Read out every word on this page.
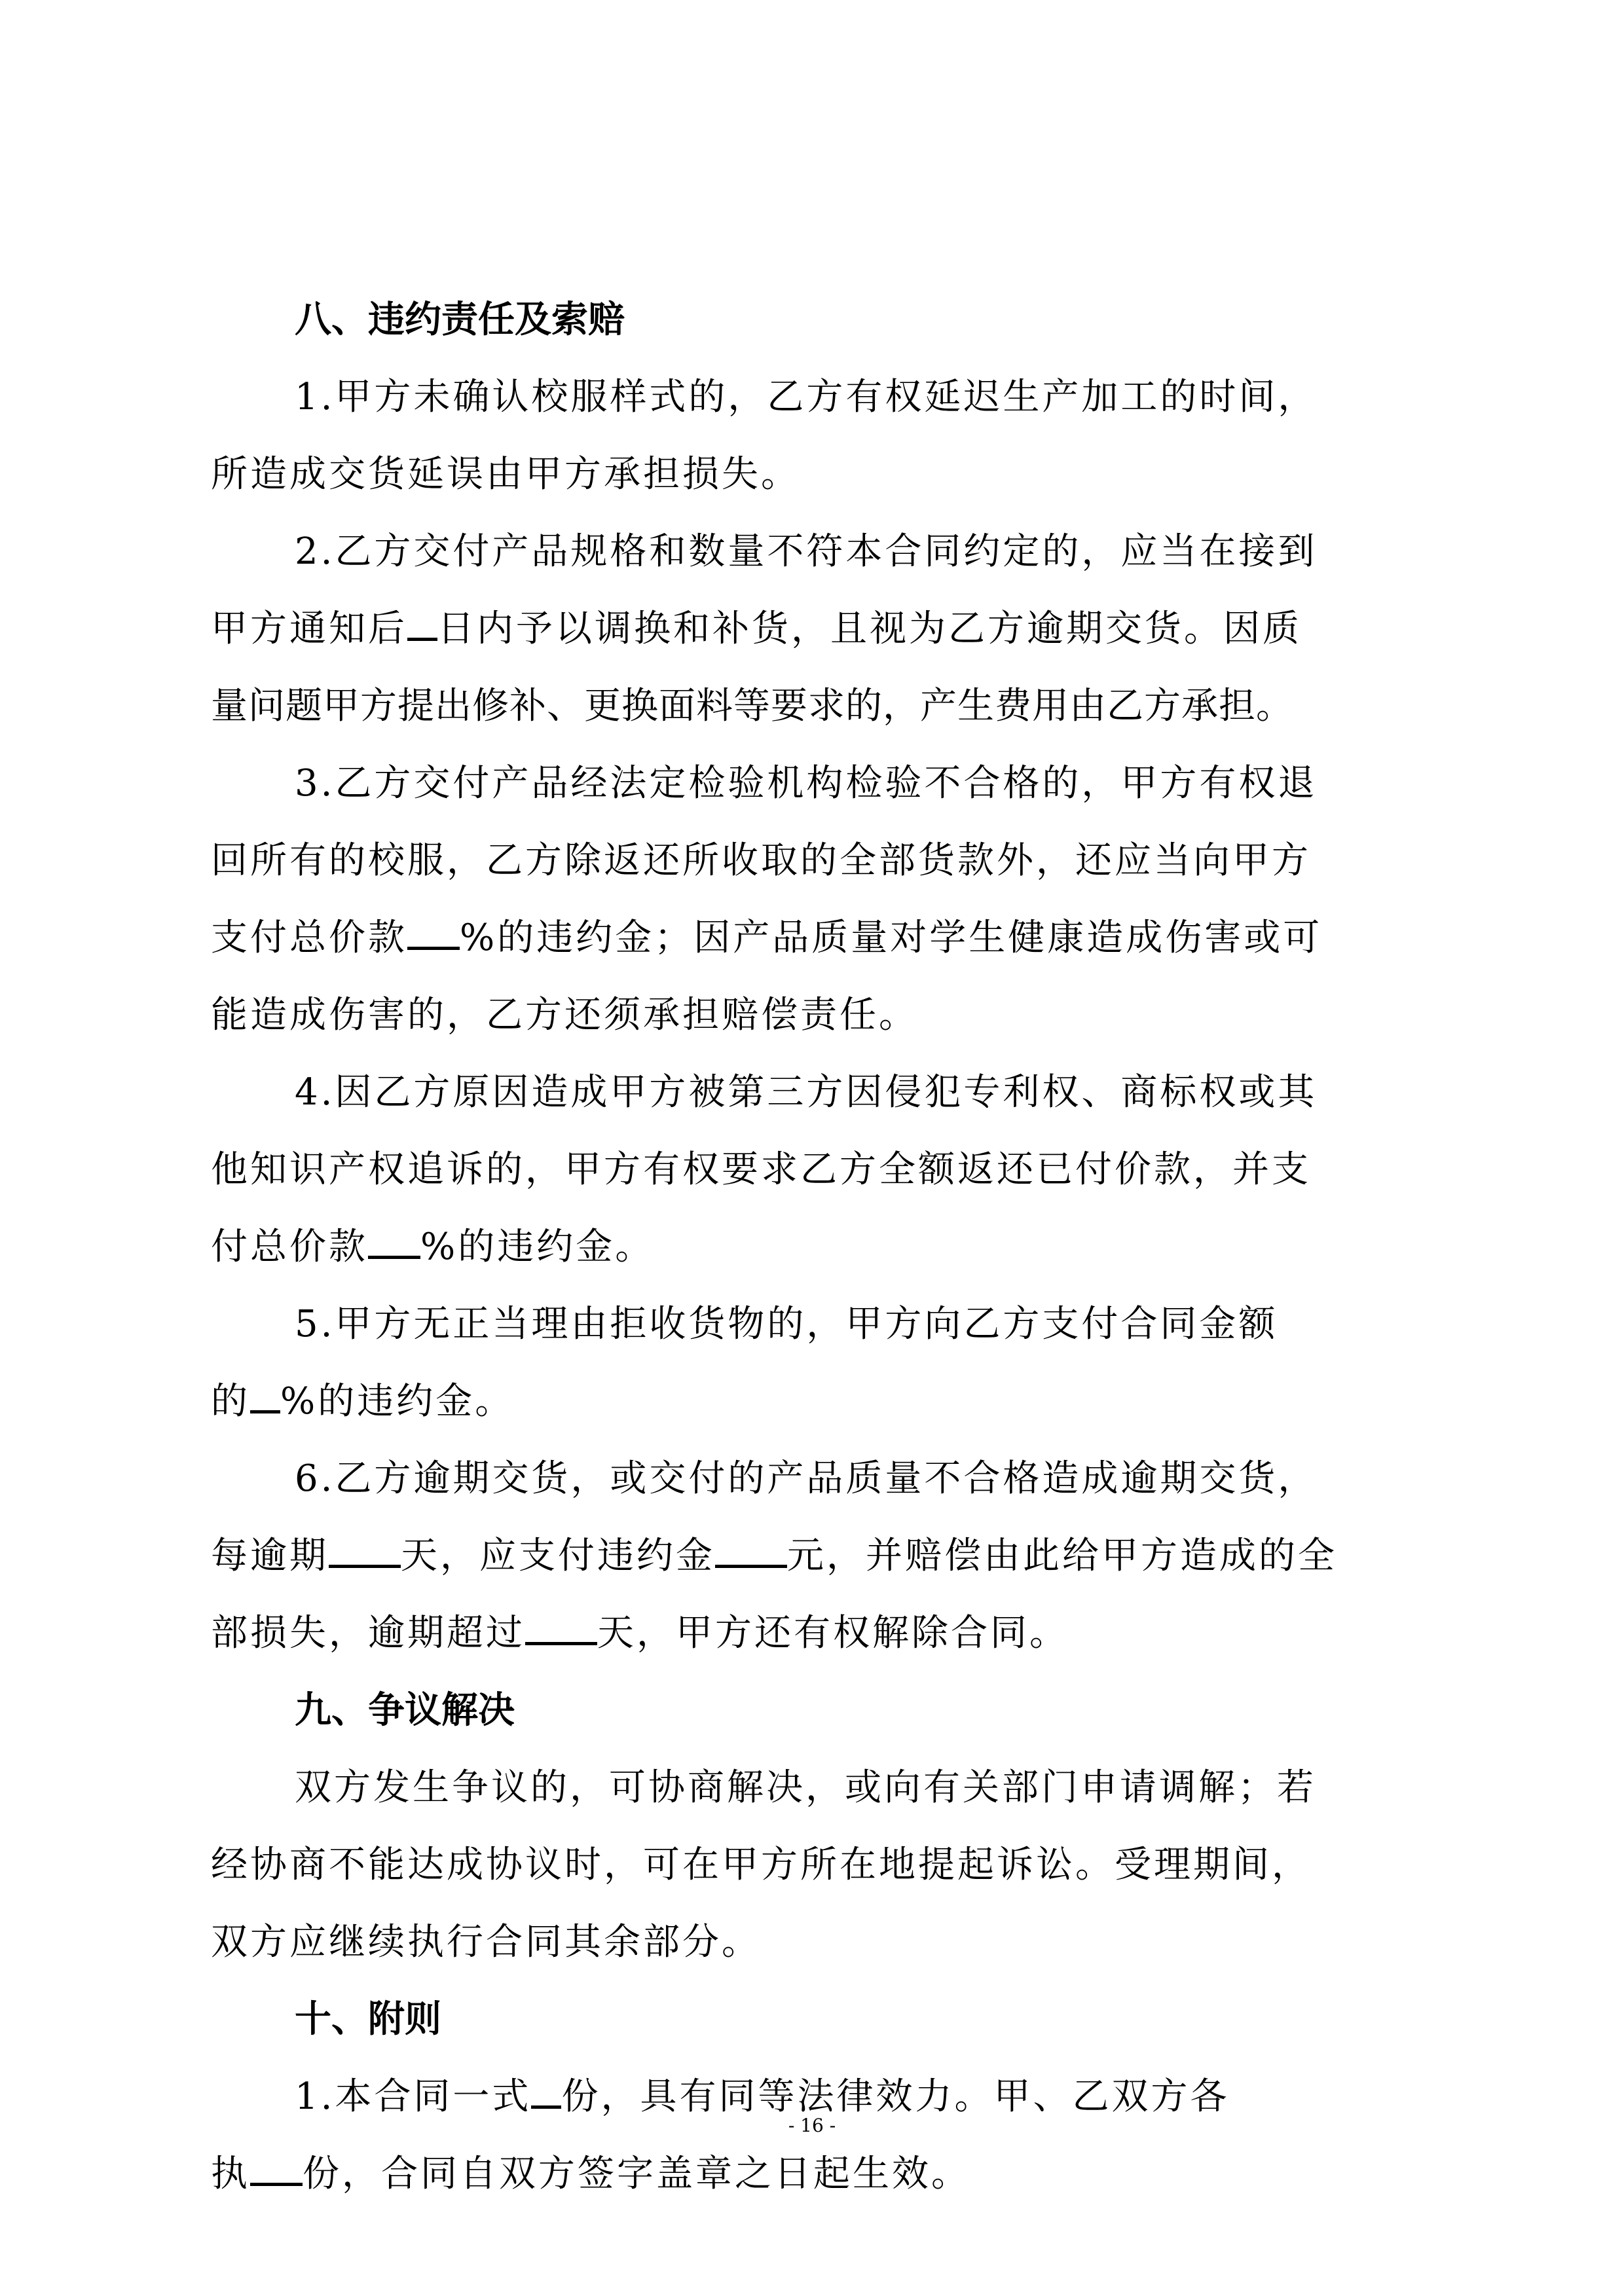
八、违约责任及索赔

1.甲方未确认校服样式的，乙方有权延迟生产加工的时间，
所造成交货延误由甲方承担损失。

2.乙方交付产品规格和数量不符本合同约定的，应当在接到
甲方通知后 日内予以调换和补货，且视为乙方逾期交货。因质
量问题甲方提出修补、更换面料等要求的，产生费用由乙方承担。

3.乙方交付产品经法定检验机构检验不合格的，甲方有权退
回所有的校服，乙方除返还所收取的全部货款外，还应当向甲方
支付总价款 %的违约金；因产品质量对学生健康造成伤害或可
能造成伤害的，乙方还须承担赔偿责任。

4.因乙方原因造成甲方被第三方因侵犯专利权、商标权或其
他知识产权追诉的，甲方有权要求乙方全额返还已付价款，并支
付总价款 %的违约金。

5.甲方无正当理由拒收货物的，甲方向乙方支付合同金额
的 %的违约金。

6.乙方逾期交货，或交付的产品质量不合格造成逾期交货，
每逾期 天，应支付违约金 元，并赔偿由此给甲方造成的全
部损失，逾期超过 天，甲方还有权解除合同。

九、争议解决

双方发生争议的，可协商解决，或向有关部门申请调解；若
经协商不能达成协议时，可在甲方所在地提起诉讼。受理期间，
双方应继续执行合同其余部分。

十、附则

1.本合同一式 份，具有同等法律效力。甲、乙双方各
执 份，合同自双方签字盖章之日起生效。

- 16 -
